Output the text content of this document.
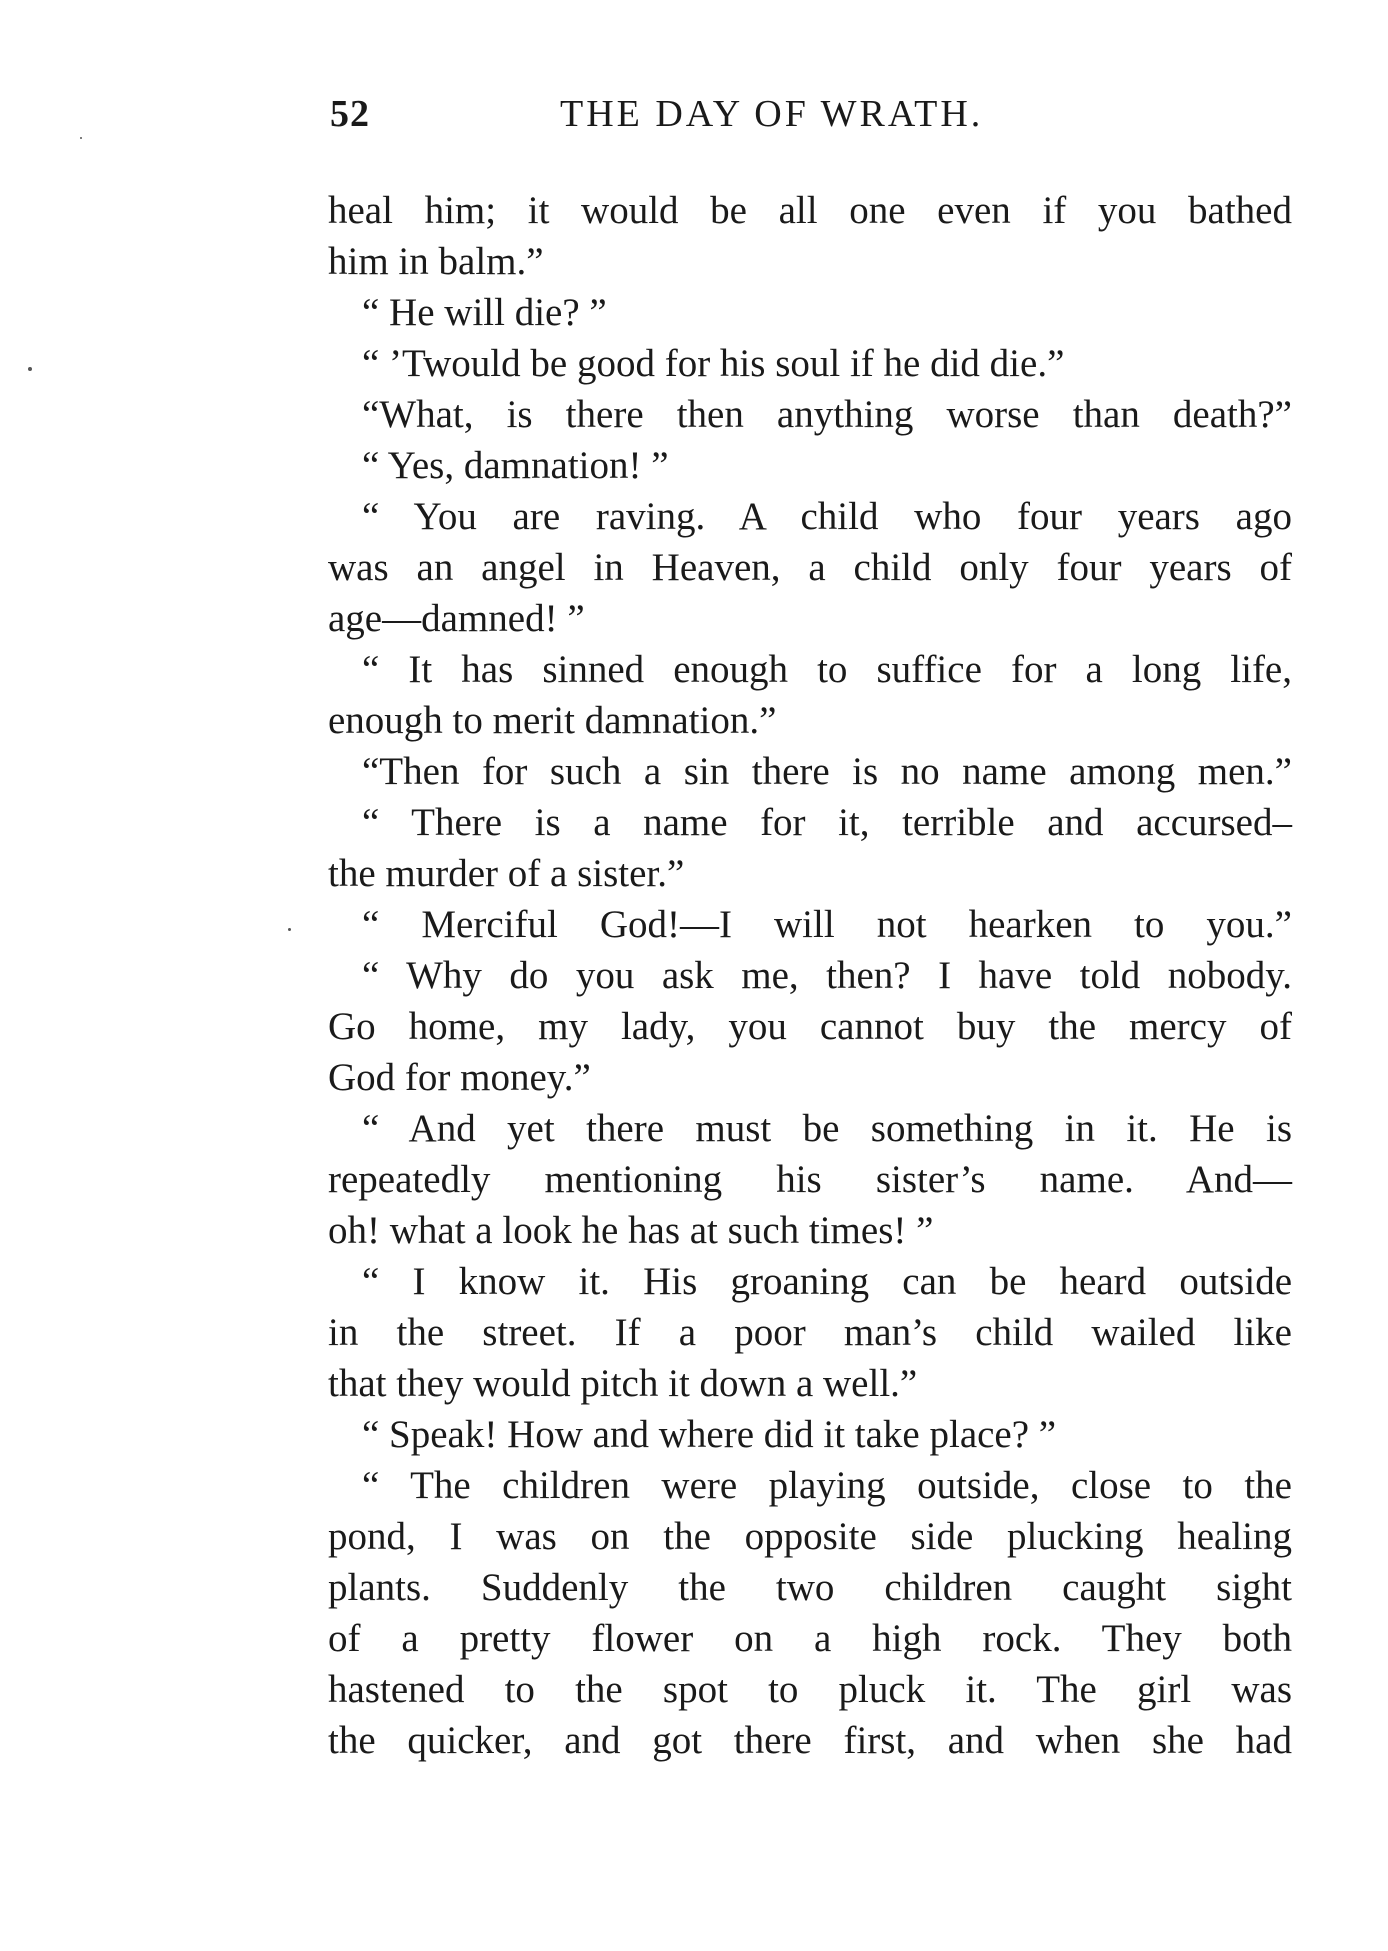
52	THE DAY OF WRATH.
heal him; it would be all one even if you bathed
him in balm.”
“ He will die? ”
“ ’Twould be good for his soul if he did die.”
“What, is there then anything worse than death?”
“ Yes, damnation! ”
“ You are raving. A child who four years ago
was an angel in Heaven, a child only four years of
age—damned! ”
“ It has sinned enough to suffice for a long life,
enough to merit damnation.”
“Then for such a sin there is no name among men.”
“ There is a name for it, terrible and accursed–
the murder of a sister.”
“ Merciful God!—I will not hearken to you.”
“ Why do you ask me, then? I have told nobody.
Go home, my lady, you cannot buy the mercy of
God for money.”
“ And yet there must be something in it. He is
repeatedly mentioning his sister’s name. And—
oh! what a look he has at such times! ”
“ I know it. His groaning can be heard outside
in the street. If a poor man’s child wailed like
that they would pitch it down a well.”
“ Speak! How and where did it take place? ”
“ The children were playing outside, close to the
pond, I was on the opposite side plucking healing
plants. Suddenly the two children caught sight
of a pretty flower on a high rock. They both
hastened to the spot to pluck it. The girl was
the quicker, and got there first, and when she had
